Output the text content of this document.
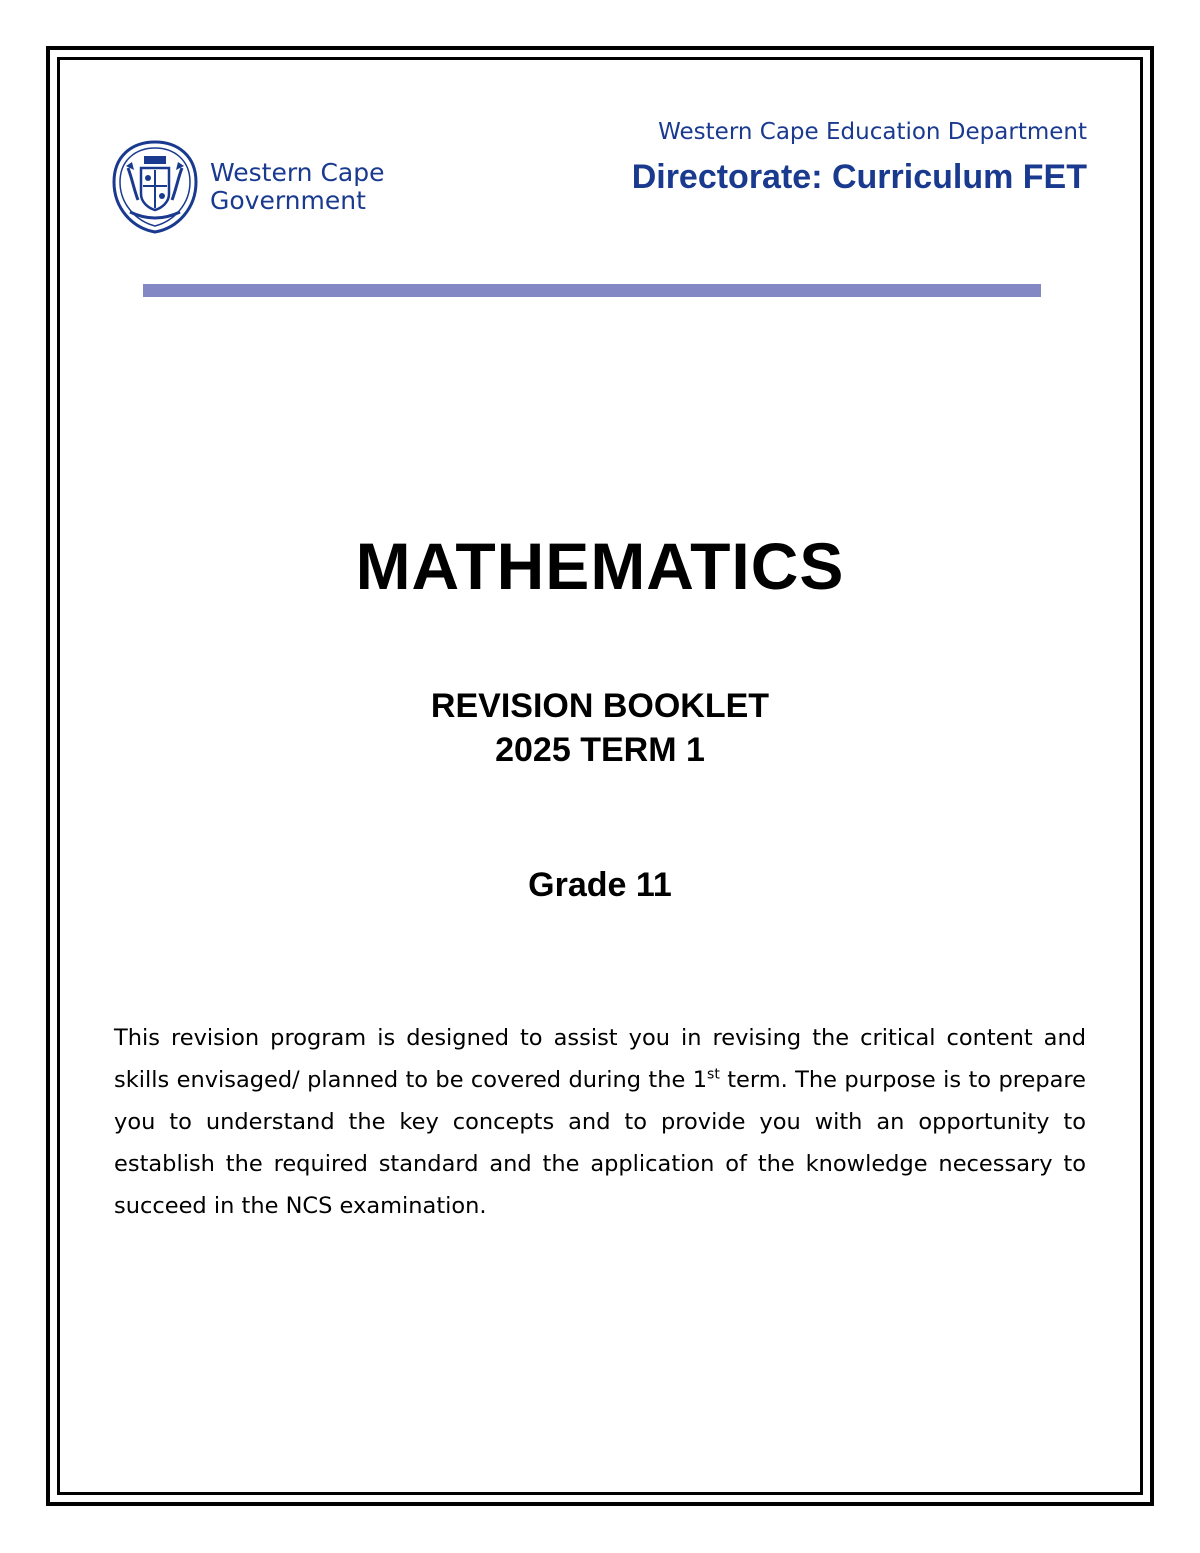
Western Cape
Government
Western Cape Education Department
Directorate: Curriculum FET
MATHEMATICS
REVISION BOOKLET
2025 TERM 1
Grade 11
This revision program is designed to assist you in revising the critical content and skills envisaged/ planned to be covered during the 1st term. The purpose is to prepare you to understand the key concepts and to provide you with an opportunity to establish the required standard and the application of the knowledge necessary to succeed in the NCS examination.
